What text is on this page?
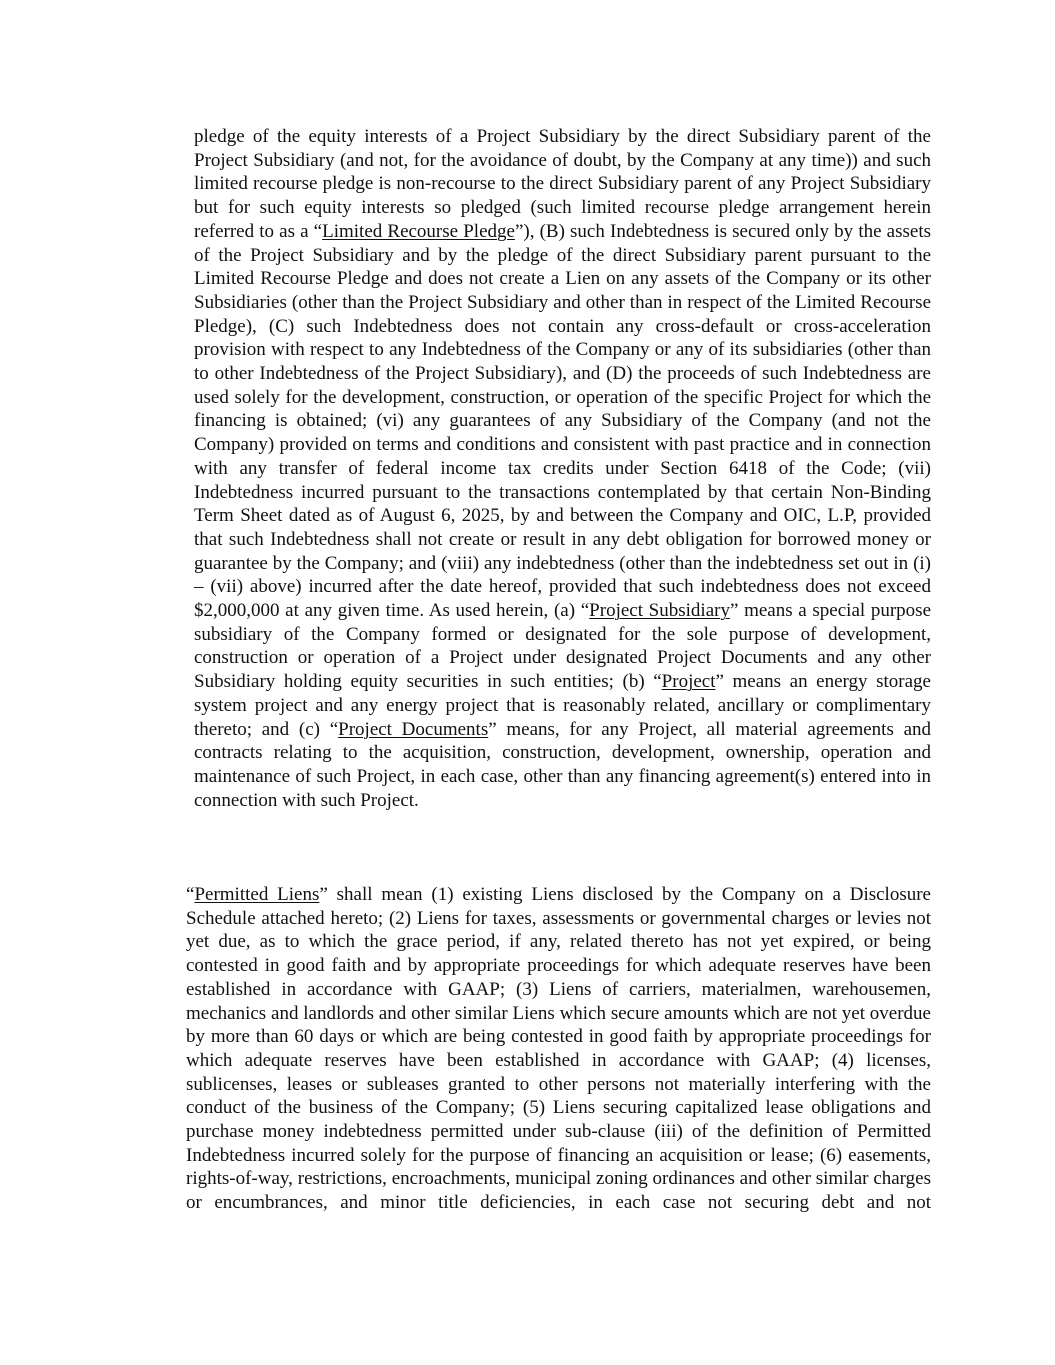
pledge of the equity interests of a Project Subsidiary by the direct Subsidiary parent of the Project Subsidiary (and not, for the avoidance of doubt, by the Company at any time)) and such limited recourse pledge is non-recourse to the direct Subsidiary parent of any Project Subsidiary but for such equity interests so pledged (such limited recourse pledge arrangement herein referred to as a “Limited Recourse Pledge”), (B) such Indebtedness is secured only by the assets of the Project Subsidiary and by the pledge of the direct Subsidiary parent pursuant to the Limited Recourse Pledge and does not create a Lien on any assets of the Company or its other Subsidiaries (other than the Project Subsidiary and other than in respect of the Limited Recourse Pledge), (C) such Indebtedness does not contain any cross-default or cross-acceleration provision with respect to any Indebtedness of the Company or any of its subsidiaries (other than to other Indebtedness of the Project Subsidiary), and (D) the proceeds of such Indebtedness are used solely for the development, construction, or operation of the specific Project for which the financing is obtained; (vi) any guarantees of any Subsidiary of the Company (and not the Company) provided on terms and conditions and consistent with past practice and in connection with any transfer of federal income tax credits under Section 6418 of the Code; (vii) Indebtedness incurred pursuant to the transactions contemplated by that certain Non-Binding Term Sheet dated as of August 6, 2025, by and between the Company and OIC, L.P, provided that such Indebtedness shall not create or result in any debt obligation for borrowed money or guarantee by the Company; and (viii) any indebtedness (other than the indebtedness set out in (i) – (vii) above) incurred after the date hereof, provided that such indebtedness does not exceed $2,000,000 at any given time. As used herein, (a) “Project Subsidiary” means a special purpose subsidiary of the Company formed or designated for the sole purpose of development, construction or operation of a Project under designated Project Documents and any other Subsidiary holding equity securities in such entities; (b) “Project” means an energy storage system project and any energy project that is reasonably related, ancillary or complimentary thereto; and (c) “Project Documents” means, for any Project, all material agreements and contracts relating to the acquisition, construction, development, ownership, operation and maintenance of such Project, in each case, other than any financing agreement(s) entered into in connection with such Project.

“Permitted Liens” shall mean (1) existing Liens disclosed by the Company on a Disclosure Schedule attached hereto; (2) Liens for taxes, assessments or governmental charges or levies not yet due, as to which the grace period, if any, related thereto has not yet expired, or being contested in good faith and by appropriate proceedings for which adequate reserves have been established in accordance with GAAP; (3) Liens of carriers, materialmen, warehousemen, mechanics and landlords and other similar Liens which secure amounts which are not yet overdue by more than 60 days or which are being contested in good faith by appropriate proceedings for which adequate reserves have been established in accordance with GAAP; (4) licenses, sublicenses, leases or subleases granted to other persons not materially interfering with the conduct of the business of the Company; (5) Liens securing capitalized lease obligations and purchase money indebtedness permitted under sub-clause (iii) of the definition of Permitted Indebtedness incurred solely for the purpose of financing an acquisition or lease; (6) easements, rights-of-way, restrictions, encroachments, municipal zoning ordinances and other similar charges or encumbrances, and minor title deficiencies, in each case not securing debt and not
